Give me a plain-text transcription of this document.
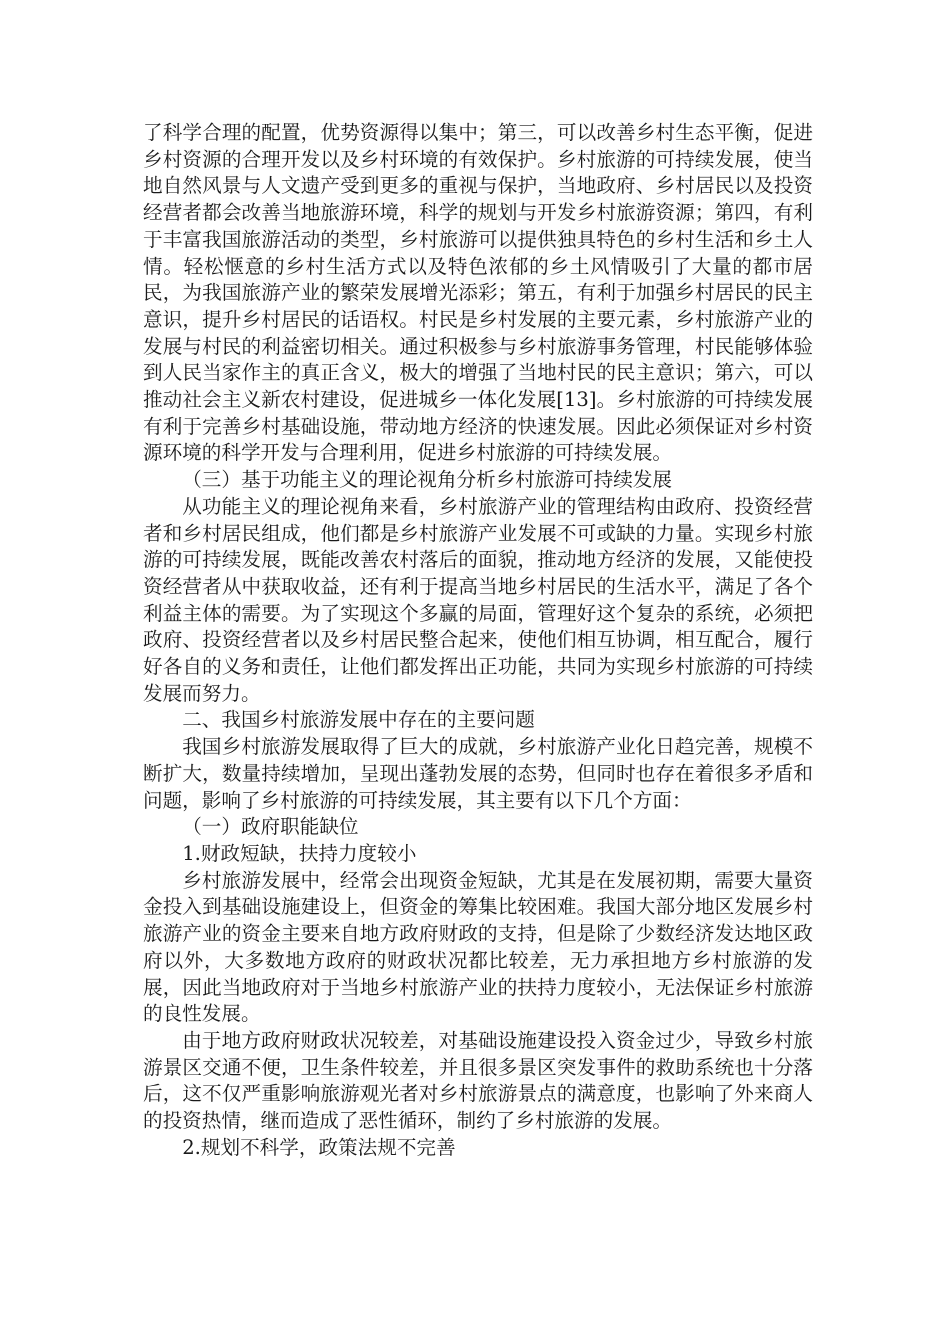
了科学合理的配置，优势资源得以集中；第三，可以改善乡村生态平衡，促进乡村资源的合理开发以及乡村环境的有效保护。乡村旅游的可持续发展，使当地自然风景与人文遗产受到更多的重视与保护，当地政府、乡村居民以及投资经营者都会改善当地旅游环境，科学的规划与开发乡村旅游资源；第四，有利于丰富我国旅游活动的类型，乡村旅游可以提供独具特色的乡村生活和乡土人情。轻松惬意的乡村生活方式以及特色浓郁的乡土风情吸引了大量的都市居民，为我国旅游产业的繁荣发展增光添彩；第五，有利于加强乡村居民的民主意识，提升乡村居民的话语权。村民是乡村发展的主要元素，乡村旅游产业的发展与村民的利益密切相关。通过积极参与乡村旅游事务管理，村民能够体验到人民当家作主的真正含义，极大的增强了当地村民的民主意识；第六，可以推动社会主义新农村建设，促进城乡一体化发展[13]。乡村旅游的可持续发展有利于完善乡村基础设施，带动地方经济的快速发展。因此必须保证对乡村资源环境的科学开发与合理利用，促进乡村旅游的可持续发展。

（三）基于功能主义的理论视角分析乡村旅游可持续发展

从功能主义的理论视角来看，乡村旅游产业的管理结构由政府、投资经营者和乡村居民组成，他们都是乡村旅游产业发展不可或缺的力量。实现乡村旅游的可持续发展，既能改善农村落后的面貌，推动地方经济的发展，又能使投资经营者从中获取收益，还有利于提高当地乡村居民的生活水平，满足了各个利益主体的需要。为了实现这个多赢的局面，管理好这个复杂的系统，必须把政府、投资经营者以及乡村居民整合起来，使他们相互协调，相互配合，履行好各自的义务和责任，让他们都发挥出正功能，共同为实现乡村旅游的可持续发展而努力。

二、我国乡村旅游发展中存在的主要问题

我国乡村旅游发展取得了巨大的成就，乡村旅游产业化日趋完善，规模不断扩大，数量持续增加，呈现出蓬勃发展的态势，但同时也存在着很多矛盾和问题，影响了乡村旅游的可持续发展，其主要有以下几个方面：

（一）政府职能缺位

1.财政短缺，扶持力度较小

乡村旅游发展中，经常会出现资金短缺，尤其是在发展初期，需要大量资金投入到基础设施建设上，但资金的筹集比较困难。我国大部分地区发展乡村旅游产业的资金主要来自地方政府财政的支持，但是除了少数经济发达地区政府以外，大多数地方政府的财政状况都比较差，无力承担地方乡村旅游的发展，因此当地政府对于当地乡村旅游产业的扶持力度较小，无法保证乡村旅游的良性发展。

由于地方政府财政状况较差，对基础设施建设投入资金过少，导致乡村旅游景区交通不便，卫生条件较差，并且很多景区突发事件的救助系统也十分落后，这不仅严重影响旅游观光者对乡村旅游景点的满意度，也影响了外来商人的投资热情，继而造成了恶性循环，制约了乡村旅游的发展。

2.规划不科学，政策法规不完善
